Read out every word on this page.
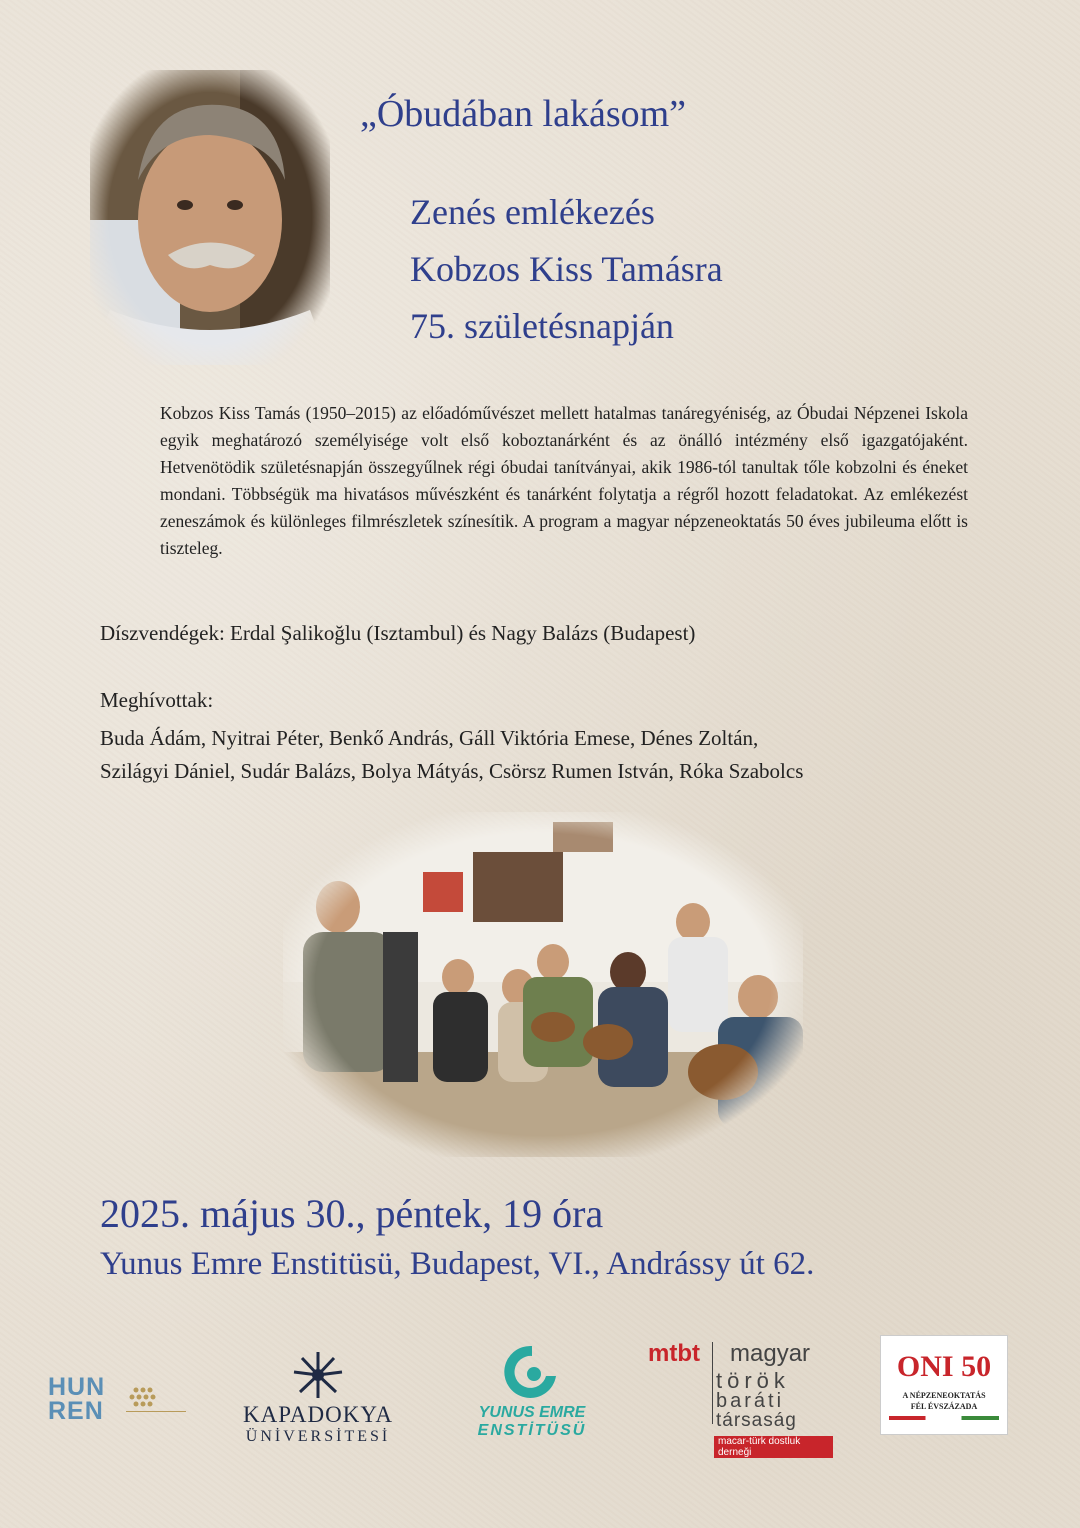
„Óbudában lakásom”
Zenés emlékezés
Kobzos Kiss Tamásra
75. születésnapján
Kobzos Kiss Tamás (1950–2015) az előadóművészet mellett hatalmas tanáregyéniség, az Óbudai Népzenei Iskola egyik meghatározó személyisége volt első koboztanárként és az önálló intézmény első igazgatójaként. Hetvenötödik születésnapján összegyűlnek régi óbudai tanítványai, akik 1986-tól tanultak tőle kobzolni és éneket mondani. Többségük ma hivatásos művészként és tanárként folytatja a régről hozott feladatokat. Az emlékezést zeneszámok és különleges filmrészletek színesítik. A program a magyar népzeneoktatás 50 éves jubileuma előtt is tiszteleg.
Díszvendégek: Erdal Şalikoğlu (Isztambul) és Nagy Balázs (Budapest)
Meghívottak:
Buda Ádám, Nyitrai Péter, Benkő András, Gáll Viktória Emese, Dénes Zoltán,
Szilágyi Dániel, Sudár Balázs, Bolya Mátyás, Csörsz Rumen István, Róka Szabolcs
2025. május 30., péntek, 19 óra
Yunus Emre Enstitüsü, Budapest, VI., Andrássy út 62.
HUN
REN	KAPADOKYA
ÜNİVERSİTESİ
YUNUS EMRE
ENSTİTÜSÜ
mtbt magyar
török
baráti
társaság
macar-türk dostluk derneği
ONI 50
A NÉPZENEOKTATÁS
FÉL ÉVSZÁZADA
